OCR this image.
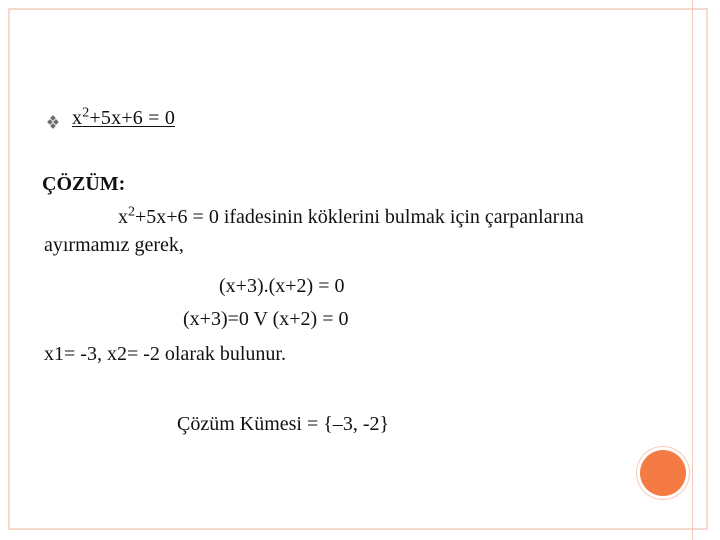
$x^2+5x+6 = 0$
ÇÖZÜM:
$x^2+5x+6 = 0$ ifadesinin köklerini bulmak için çarpanlarına
ayırmamız gerek,
(x+3).(x+2) = 0
(x+3)=0 V (x+2) = 0
x1= -3, x2= -2 olarak bulunur.
Çözüm Kümesi = {–3, -2}
